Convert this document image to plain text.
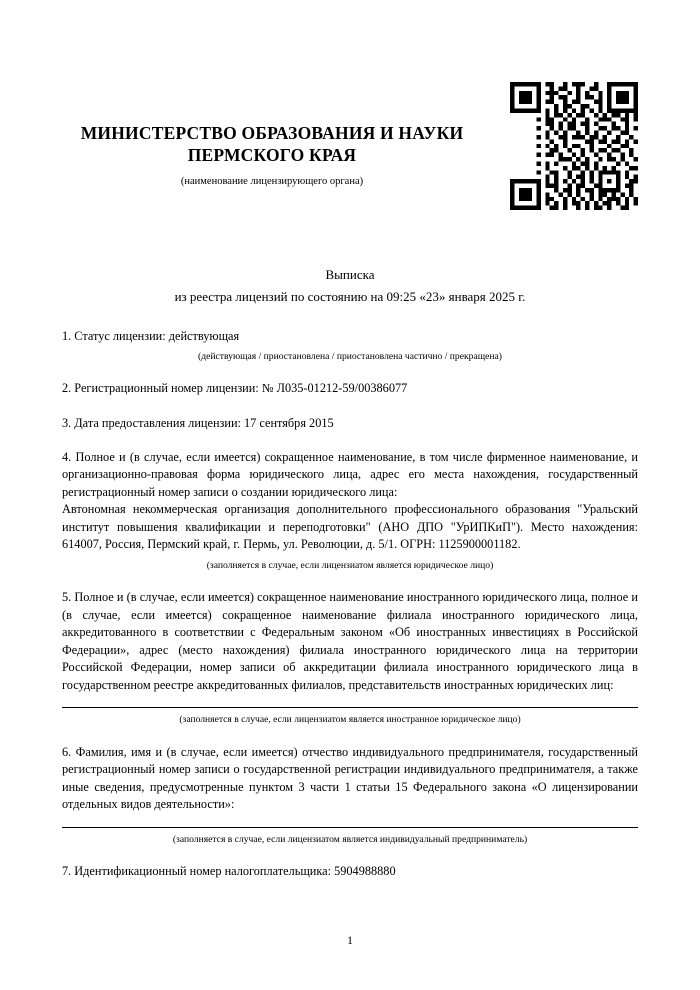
МИНИСТЕРСТВО ОБРАЗОВАНИЯ И НАУКИ ПЕРМСКОГО КРАЯ
(наименование лицензирующего органа)
Выписка
из реестра лицензий по состоянию на 09:25 «23» января 2025 г.

1. Статус лицензии: действующая

(действующая / приостановлена / приостановлена частично / прекращена)

2. Регистрационный номер лицензии: № Л035-01212-59/00386077

3. Дата предоставления лицензии: 17 сентября 2015

4. Полное и (в случае, если имеется) сокращенное наименование, в том числе фирменное наименование, и организационно-правовая форма юридического лица, адрес его места нахождения, государственный регистрационный номер записи о создании юридического лица:

Автономная некоммерческая организация дополнительного профессионального образования "Уральский институт повышения квалификации и переподготовки" (АНО ДПО "УрИПКиП"). Место нахождения: 614007, Россия, Пермский край, г. Пермь, ул. Революции, д. 5/1. ОГРН: 1125900001182.

(заполняется в случае, если лицензиатом является юридическое лицо)

5. Полное и (в случае, если имеется) сокращенное наименование иностранного юридического лица, полное и (в случае, если имеется) сокращенное наименование филиала иностранного юридического лица, аккредитованного в соответствии с Федеральным законом «Об иностранных инвестициях в Российской Федерации», адрес (место нахождения) филиала иностранного юридического лица на территории Российской Федерации, номер записи об аккредитации филиала иностранного юридического лица в государственном реестре аккредитованных филиалов, представительств иностранных юридических лиц:

(заполняется в случае, если лицензиатом является иностранное юридическое лицо)

6. Фамилия, имя и (в случае, если имеется) отчество индивидуального предпринимателя, государственный регистрационный номер записи о государственной регистрации индивидуального предпринимателя, а также иные сведения, предусмотренные пунктом 3 части 1 статьи 15 Федерального закона «О лицензировании отдельных видов деятельности»:

(заполняется в случае, если лицензиатом является индивидуальный предприниматель)

7. Идентификационный номер налогоплательщика: 5904988880

1
